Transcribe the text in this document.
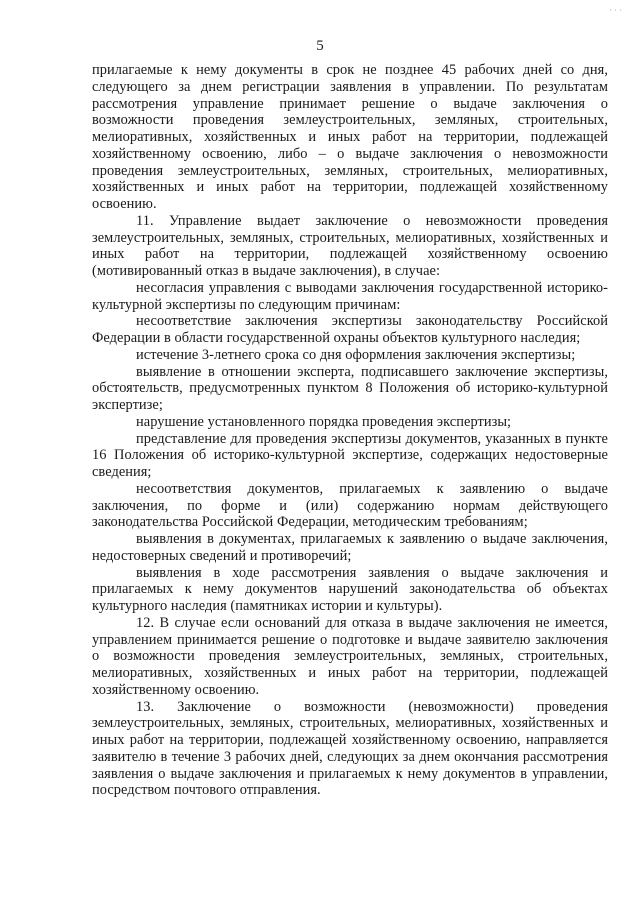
· · ·
5

прилагаемые к нему документы в срок не позднее 45 рабочих дней со дня, следующего за днем регистрации заявления в управлении. По результатам рассмотрения управление принимает решение о выдаче заключения о возможности проведения землеустроительных, земляных, строительных, мелиоративных, хозяйственных и иных работ на территории, подлежащей хозяйственному освоению, либо – о выдаче заключения о невозможности проведения землеустроительных, земляных, строительных, мелиоративных, хозяйственных и иных работ на территории, подлежащей хозяйственному освоению.

11. Управление выдает заключение о невозможности проведения землеустроительных, земляных, строительных, мелиоративных, хозяйственных и иных работ на территории, подлежащей хозяйственному освоению (мотивированный отказ в выдаче заключения), в случае:

несогласия управления с выводами заключения государственной историко-культурной экспертизы по следующим причинам:

несоответствие заключения экспертизы законодательству Российской Федерации в области государственной охраны объектов культурного наследия;

истечение 3-летнего срока со дня оформления заключения экспертизы;

выявление в отношении эксперта, подписавшего заключение экспертизы, обстоятельств, предусмотренных пунктом 8 Положения об историко-культурной экспертизе;

нарушение установленного порядка проведения экспертизы;

представление для проведения экспертизы документов, указанных в пункте 16 Положения об историко-культурной экспертизе, содержащих недостоверные сведения;

несоответствия документов, прилагаемых к заявлению о выдаче заключения, по форме и (или) содержанию нормам действующего законодательства Российской Федерации, методическим требованиям;

выявления в документах, прилагаемых к заявлению о выдаче заключения, недостоверных сведений и противоречий;

выявления в ходе рассмотрения заявления о выдаче заключения и прилагаемых к нему документов нарушений законодательства об объектах культурного наследия (памятниках истории и культуры).

12. В случае если оснований для отказа в выдаче заключения не имеется, управлением принимается решение о подготовке и выдаче заявителю заключения о возможности проведения землеустроительных, земляных, строительных, мелиоративных, хозяйственных и иных работ на территории, подлежащей хозяйственному освоению.

13. Заключение о возможности (невозможности) проведения землеустроительных, земляных, строительных, мелиоративных, хозяйственных и иных работ на территории, подлежащей хозяйственному освоению, направляется заявителю в течение 3 рабочих дней, следующих за днем окончания рассмотрения заявления о выдаче заключения и прилагаемых к нему документов в управлении, посредством почтового отправления.
